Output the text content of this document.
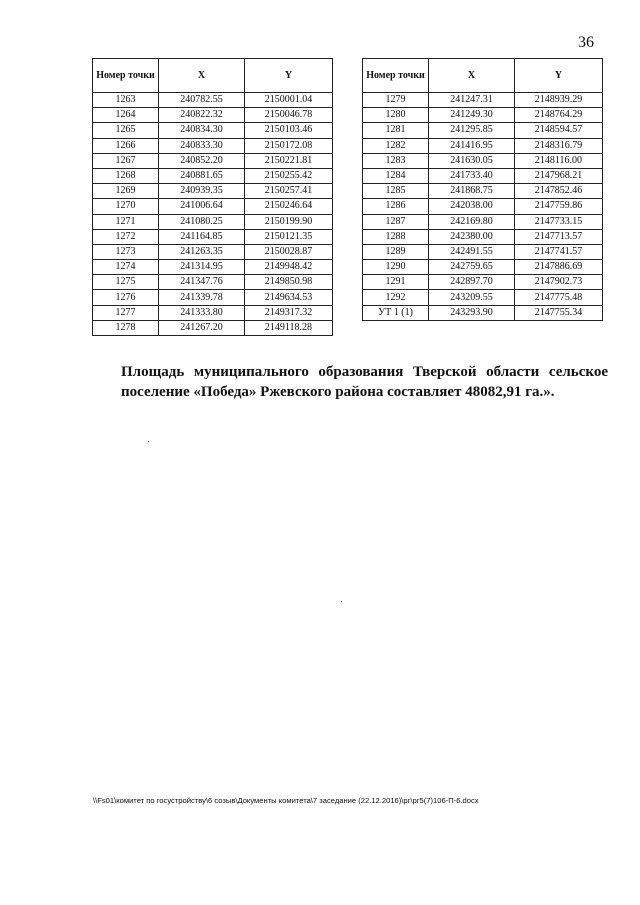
36
Номер точки	X	Y
1263	240782.55	2150001.04
1264	240822.32	2150046.78
1265	240834.30	2150103.46
1266	240833.30	2150172.08
1267	240852.20	2150221.81
1268	240881.65	2150255.42
1269	240939.35	2150257.41
1270	241006.64	2150246.64
1271	241080.25	2150199.90
1272	241164.85	2150121.35
1273	241263.35	2150028.87
1274	241314.95	2149948.42
1275	241347.76	2149850.98
1276	241339.78	2149634.53
1277	241333.80	2149317.32
1278	241267.20	2149118.28
Номер точки	X	Y
1279	241247.31	2148939.29
1280	241249.30	2148764.29
1281	241295.85	2148594.57
1282	241416.95	2148316.79
1283	241630.05	2148116.00
1284	241733.40	2147968.21
1285	241868.75	2147852.46
1286	242038.00	2147759.86
1287	242169.80	2147733.15
1288	242380.00	2147713.57
1289	242491.55	2147741.57
1290	242759.65	2147886.69
1291	242897.70	2147902.73
1292	243209.55	2147775.48
УТ 1 (1)	243293.90	2147755.34

Площадь муниципального образования Тверской области сельское поселение «Победа» Ржевского района составляет 48082,91 га.».

\\Fs01\комитет по госустройству\6 созыв\Документы комитета\7 заседание (22.12.2016)\рг\рг5(7)106-П-6.docx
